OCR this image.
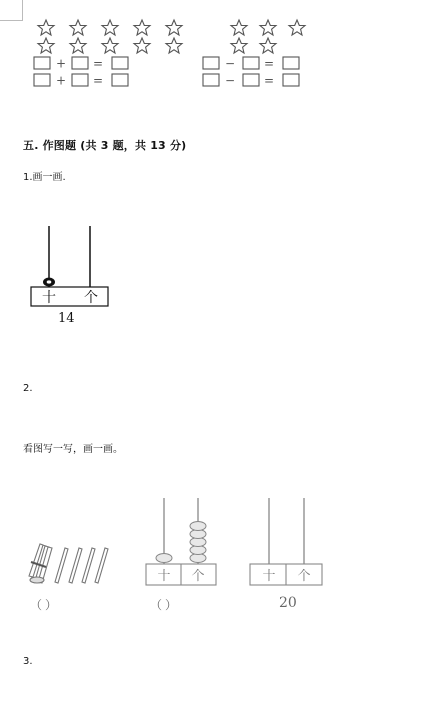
+ =
+ =
− =
− =
五. 作图题 (共 3 题，共 13 分)
1.画一画.
十 个
14
2.
看图写一写，画一画。
（ ）
十 个
（ ）
十 个
20
3.
